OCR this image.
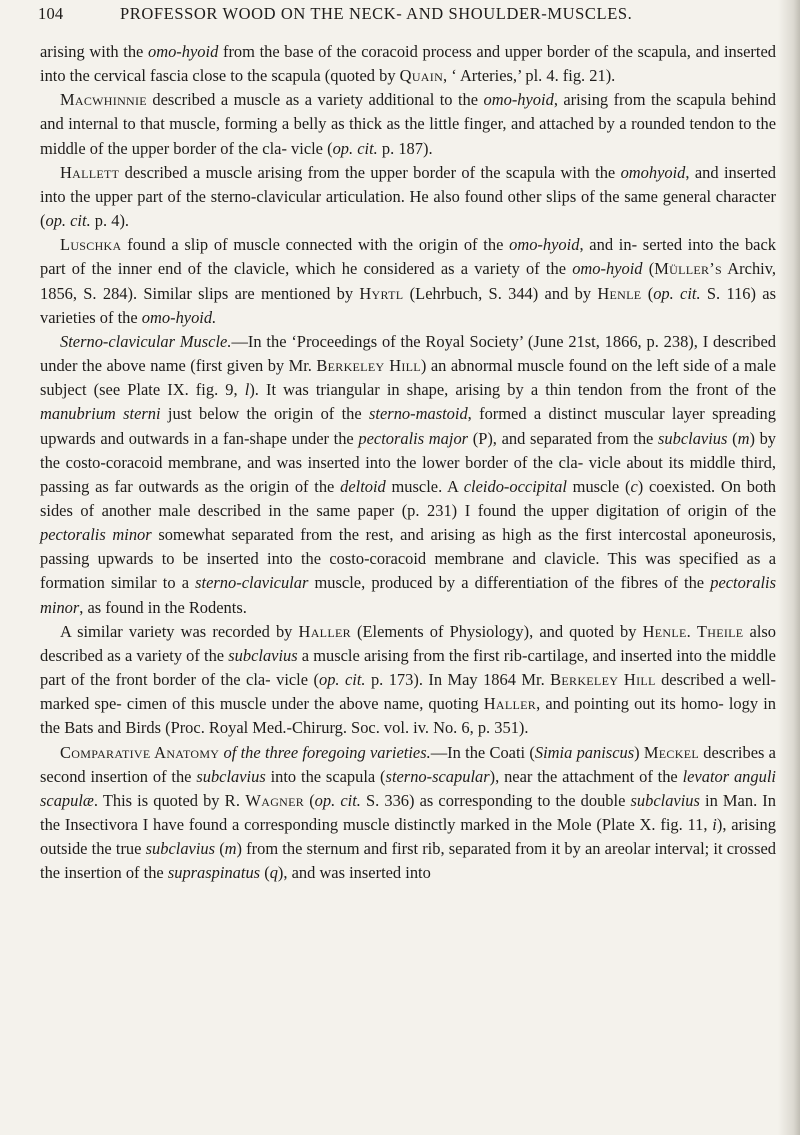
104	PROFESSOR WOOD ON THE NECK- AND SHOULDER-MUSCLES.

arising with the omo-hyoid from the base of the coracoid process and upper border of the scapula, and inserted into the cervical fascia close to the scapula (quoted by Quain, ‘ Arteries,’ pl. 4. fig. 21).

Macwhinnie described a muscle as a variety additional to the omo-hyoid, arising from the scapula behind and internal to that muscle, forming a belly as thick as the little finger, and attached by a rounded tendon to the middle of the upper border of the cla- vicle (op. cit. p. 187).

Hallett described a muscle arising from the upper border of the scapula with the omohyoid, and inserted into the upper part of the sterno-clavicular articulation. He also found other slips of the same general character (op. cit. p. 4).

Luschka found a slip of muscle connected with the origin of the omo-hyoid, and in- serted into the back part of the inner end of the clavicle, which he considered as a variety of the omo-hyoid (Müller’s Archiv, 1856, S. 284). Similar slips are mentioned by Hyrtl (Lehrbuch, S. 344) and by Henle (op. cit. S. 116) as varieties of the omo-hyoid.

Sterno-clavicular Muscle.—In the ‘Proceedings of the Royal Society’ (June 21st, 1866, p. 238), I described under the above name (first given by Mr. Berkeley Hill) an abnormal muscle found on the left side of a male subject (see Plate IX. fig. 9, l). It was triangular in shape, arising by a thin tendon from the front of the manubrium sterni just below the origin of the sterno-mastoid, formed a distinct muscular layer spreading upwards and outwards in a fan-shape under the pectoralis major (P), and separated from the subclavius (m) by the costo-coracoid membrane, and was inserted into the lower border of the cla- vicle about its middle third, passing as far outwards as the origin of the deltoid muscle. A cleido-occipital muscle (c) coexisted. On both sides of another male described in the same paper (p. 231) I found the upper digitation of origin of the pectoralis minor somewhat separated from the rest, and arising as high as the first intercostal aponeurosis, passing upwards to be inserted into the costo-coracoid membrane and clavicle. This was specified as a formation similar to a sterno-clavicular muscle, produced by a differentiation of the fibres of the pectoralis minor, as found in the Rodents.

A similar variety was recorded by Haller (Elements of Physiology), and quoted by Henle. Theile also described as a variety of the subclavius a muscle arising from the first rib-cartilage, and inserted into the middle part of the front border of the cla- vicle (op. cit. p. 173). In May 1864 Mr. Berkeley Hill described a well-marked spe- cimen of this muscle under the above name, quoting Haller, and pointing out its homo- logy in the Bats and Birds (Proc. Royal Med.-Chirurg. Soc. vol. iv. No. 6, p. 351).

Comparative Anatomy of the three foregoing varieties.—In the Coati (Simia paniscus) Meckel describes a second insertion of the subclavius into the scapula (sterno-scapular), near the attachment of the levator anguli scapulæ. This is quoted by R. Wagner (op. cit. S. 336) as corresponding to the double subclavius in Man. In the Insectivora I have found a corresponding muscle distinctly marked in the Mole (Plate X. fig. 11, i), arising outside the true subclavius (m) from the sternum and first rib, separated from it by an areolar interval; it crossed the insertion of the supraspinatus (q), and was inserted into
